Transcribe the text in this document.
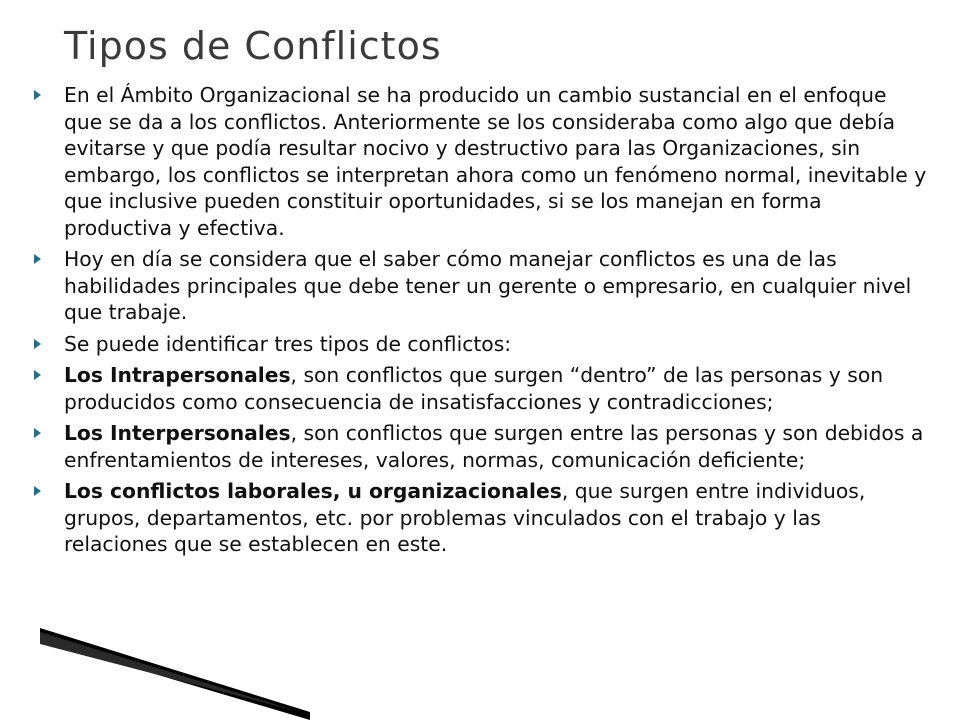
Tipos de Conflictos
En el Ámbito Organizacional se ha producido un cambio sustancial en el enfoque que se da a los conflictos. Anteriormente se los consideraba como algo que debía evitarse y que podía resultar nocivo y destructivo para las Organizaciones, sin embargo, los conflictos se interpretan ahora como un fenómeno normal, inevitable y que inclusive pueden constituir oportunidades, si se los manejan en forma productiva y efectiva.
Hoy en día se considera que el saber cómo manejar conflictos es una de las habilidades principales que debe tener un gerente o empresario, en cualquier nivel que trabaje.
Se puede identificar tres tipos de conflictos:
Los Intrapersonales, son conflictos que surgen “dentro” de las personas y son producidos como consecuencia de insatisfacciones y contradicciones;
Los Interpersonales, son conflictos que surgen entre las personas y son debidos a enfrentamientos de intereses, valores, normas, comunicación deficiente;
Los conflictos laborales, u organizacionales, que surgen entre individuos, grupos, departamentos, etc. por problemas vinculados con el trabajo y las relaciones que se establecen en este.
